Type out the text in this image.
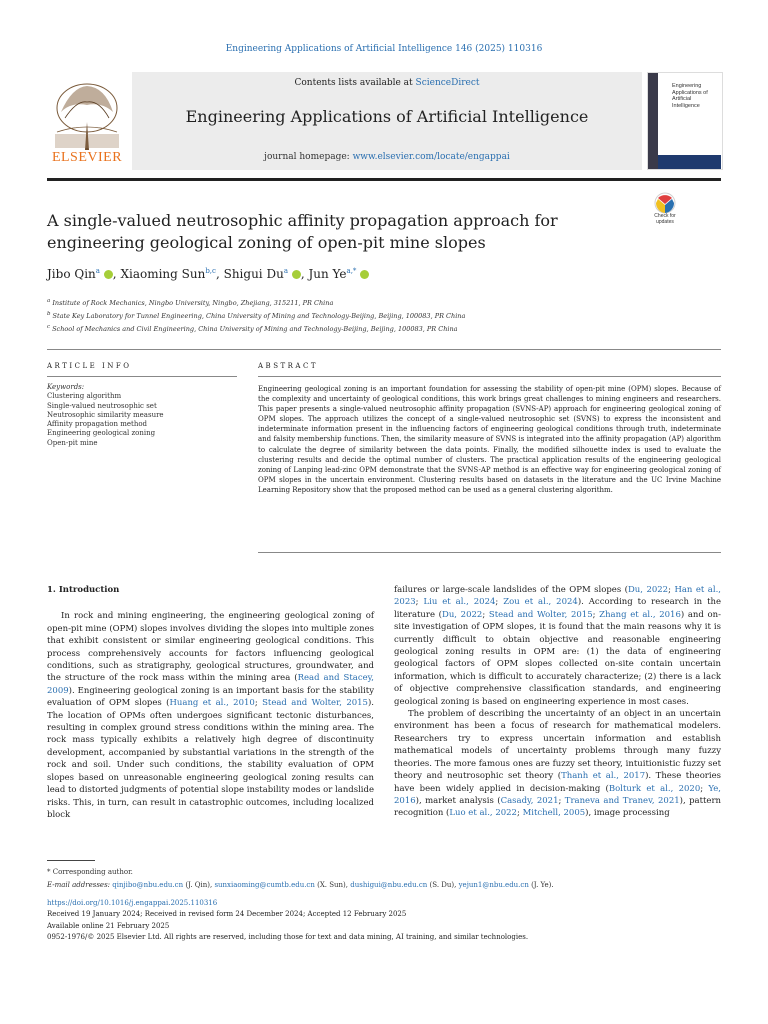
Engineering Applications of Artificial Intelligence 146 (2025) 110316
ELSEVIER
Contents lists available at ScienceDirect
Engineering Applications of Artificial Intelligence
journal homepage: www.elsevier.com/locate/engappai
Engineering Applications of Artificial Intelligence
A single-valued neutrosophic affinity propagation approach for engineering geological zoning of open-pit mine slopes
Check for updates
Jibo Qin$^a$ , Xiaoming Sun$^{b,c}$, Shigui Du$^a$ , Jun $Ye^{a,*}$
$^a$ Institute of Rock Mechanics, Ningbo University, Ningbo, Zhejiang, 315211, PR China
$^b$ State Key Laboratory for Tunnel Engineering, China University of Mining and Technology-Beijing, Beijing, 100083, PR China
$^c$ School of Mechanics and Civil Engineering, China University of Mining and Technology-Beijing, Beijing, 100083, PR China
ARTICLE INFO
Keywords:
Clustering algorithm
Single-valued neutrosophic set
Neutrosophic similarity measure
Affinity propagation method
Engineering geological zoning
Open-pit mine
ABSTRACT
Engineering geological zoning is an important foundation for assessing the stability of open-pit mine (OPM) slopes. Because of the complexity and uncertainty of geological conditions, this work brings great challenges to mining engineers and researchers. This paper presents a single-valued neutrosophic affinity propagation (SVNS-AP) approach for engineering geological zoning of OPM slopes. The approach utilizes the concept of a single-valued neutrosophic set (SVNS) to express the inconsistent and indeterminate information present in the influencing factors of engineering geological conditions through truth, indeterminate and falsity membership functions. Then, the similarity measure of SVNS is integrated into the affinity propagation (AP) algorithm to calculate the degree of similarity between the data points. Finally, the modified silhouette index is used to evaluate the clustering results and decide the optimal number of clusters. The practical application results of the engineering geological zoning of Lanping lead-zinc OPM demonstrate that the SVNS-AP method is an effective way for engineering geological zoning of OPM slopes in the uncertain environment. Clustering results based on datasets in the literature and the UC Irvine Machine Learning Repository show that the proposed method can be used as a general clustering algorithm.

1. Introduction

In rock and mining engineering, the engineering geological zoning of open-pit mine (OPM) slopes involves dividing the slopes into multiple zones that exhibit consistent or similar engineering geological conditions. This process comprehensively accounts for factors influencing geological conditions, such as stratigraphy, geological structures, groundwater, and the structure of the rock mass within the mining area (Read and Stacey, 2009). Engineering geological zoning is an important basis for the stability evaluation of OPM slopes (Huang et al., 2010; Stead and Wolter, 2015). The location of OPMs often undergoes significant tectonic disturbances, resulting in complex ground stress conditions within the mining area. The rock mass typically exhibits a relatively high degree of discontinuity development, accompanied by substantial variations in the strength of the rock and soil. Under such conditions, the stability evaluation of OPM slopes based on unreasonable engineering geological zoning results can lead to distorted judgments of potential slope instability modes or landslide risks. This, in turn, can result in catastrophic outcomes, including localized block

failures or large-scale landslides of the OPM slopes (Du, 2022; Han et al., 2023; Liu et al., 2024; Zou et al., 2024). According to research in the literature (Du, 2022; Stead and Wolter, 2015; Zhang et al., 2016) and on-site investigation of OPM slopes, it is found that the main reasons why it is currently difficult to obtain objective and reasonable engineering geological zoning results in OPM are: (1) the data of engineering geological factors of OPM slopes collected on-site contain uncertain information, which is difficult to accurately characterize; (2) there is a lack of objective comprehensive classification standards, and engineering geological zoning is based on engineering experience in most cases.

The problem of describing the uncertainty of an object in an uncertain environment has been a focus of research for mathematical modelers. Researchers try to express uncertain information and establish mathematical models of uncertainty problems through many fuzzy theories. The more famous ones are fuzzy set theory, intuitionistic fuzzy set theory and neutrosophic set theory (Thanh et al., 2017). These theories have been widely applied in decision-making (Bolturk et al., 2020; Ye, 2016), market analysis (Casady, 2021; Traneva and Tranev, 2021), pattern recognition (Luo et al., 2022; Mitchell, 2005), image processing

* Corresponding author.
E-mail addresses: qinjibo@nbu.edu.cn (J. Qin), sunxiaoming@cumtb.edu.cn (X. Sun), dushigui@nbu.edu.cn (S. Du), yejun1@nbu.edu.cn (J. Ye).
https://doi.org/10.1016/j.engappai.2025.110316
Received 19 January 2024; Received in revised form 24 December 2024; Accepted 12 February 2025
Available online 21 February 2025
0952-1976/© 2025 Elsevier Ltd. All rights are reserved, including those for text and data mining, AI training, and similar technologies.
